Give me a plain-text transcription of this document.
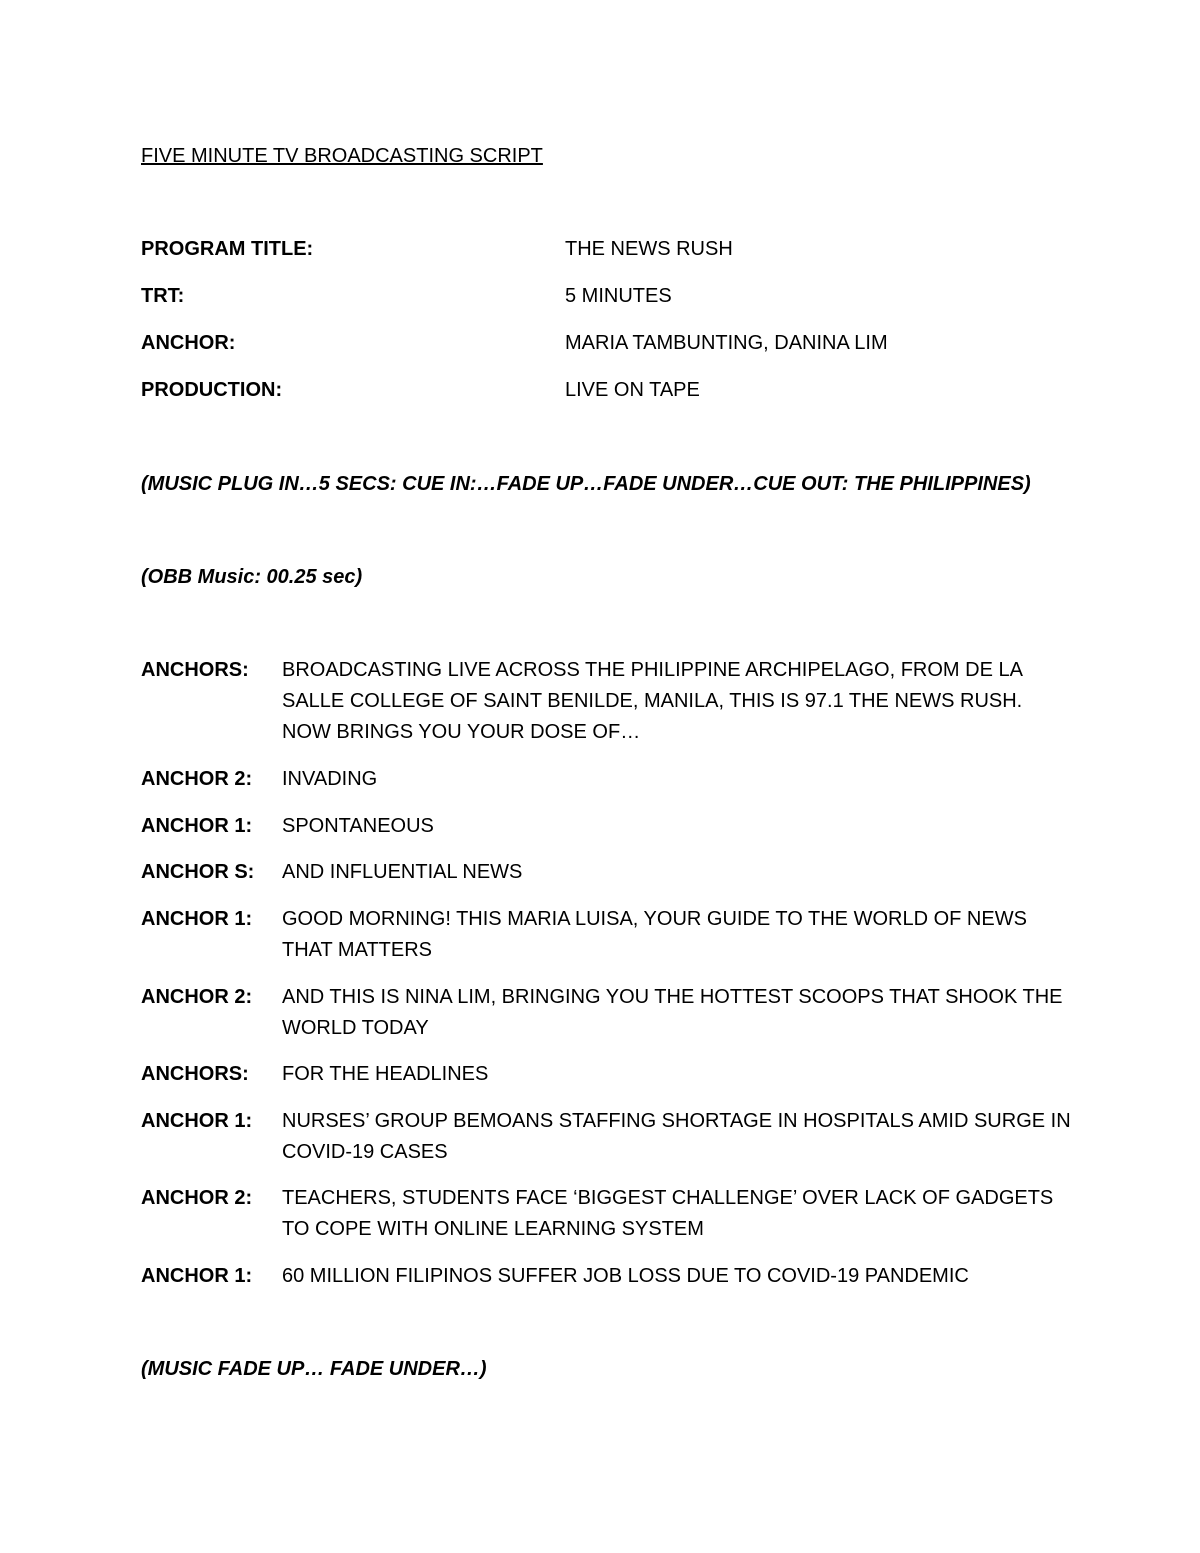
FIVE MINUTE TV BROADCASTING SCRIPT
PROGRAM TITLE:	THE NEWS RUSH
TRT:	5 MINUTES
ANCHOR:	MARIA TAMBUNTING, DANINA LIM
PRODUCTION:	LIVE ON TAPE
(MUSIC PLUG IN…5 SECS: CUE IN:…FADE UP…FADE UNDER…CUE OUT: THE PHILIPPINES)
(OBB Music: 00.25 sec)
ANCHORS: BROADCASTING LIVE ACROSS THE PHILIPPINE ARCHIPELAGO, FROM DE LA SALLE COLLEGE OF SAINT BENILDE, MANILA, THIS IS 97.1 THE NEWS RUSH. NOW BRINGS YOU YOUR DOSE OF…
ANCHOR 2: INVADING
ANCHOR 1: SPONTANEOUS
ANCHOR S: AND INFLUENTIAL NEWS
ANCHOR 1: GOOD MORNING! THIS MARIA LUISA, YOUR GUIDE TO THE WORLD OF NEWS THAT MATTERS
ANCHOR 2: AND THIS IS NINA LIM, BRINGING YOU THE HOTTEST SCOOPS THAT SHOOK THE WORLD TODAY
ANCHORS: FOR THE HEADLINES
ANCHOR 1: NURSES’ GROUP BEMOANS STAFFING SHORTAGE IN HOSPITALS AMID SURGE IN COVID-19 CASES
ANCHOR 2: TEACHERS, STUDENTS FACE ‘BIGGEST CHALLENGE’ OVER LACK OF GADGETS TO COPE WITH ONLINE LEARNING SYSTEM
ANCHOR 1: 60 MILLION FILIPINOS SUFFER JOB LOSS DUE TO COVID-19 PANDEMIC
(MUSIC FADE UP… FADE UNDER…)
